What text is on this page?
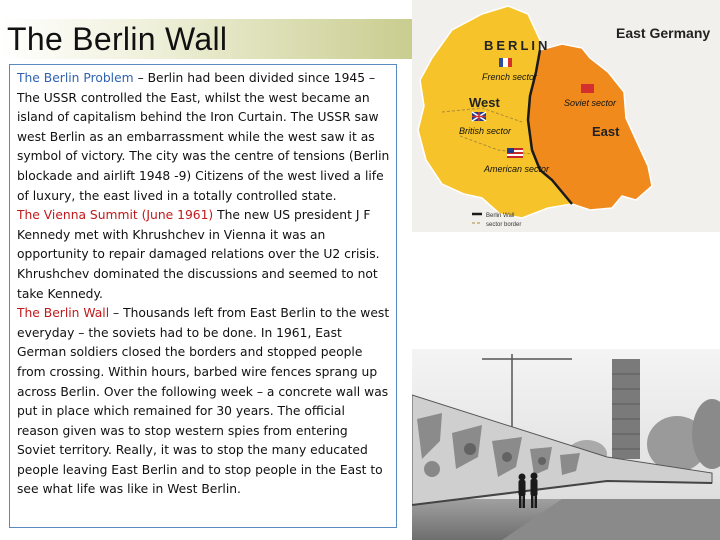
The Berlin Wall

The Berlin Problem – Berlin had been divided since 1945 – The USSR controlled the East, whilst the west became an island of capitalism behind the Iron Curtain. The USSR saw west Berlin as an embarrassment while the west saw it as symbol of victory. The city was the centre of tensions (Berlin blockade and airlift 1948 -9) Citizens of the west lived a life of luxury, the east lived in a totally controlled state.

The Vienna Summit (June 1961) The new US president J F Kennedy met with Khrushchev in Vienna it was an opportunity to repair damaged relations over the U2 crisis. Khrushchev dominated the discussions and seemed to not take Kennedy.

The Berlin Wall – Thousands left from East Berlin to the west everyday – the soviets had to be done. In 1961, East German soldiers closed the borders and stopped people from crossing. Within hours, barbed wire fences sprang up across Berlin. Over the following week – a concrete wall was put in place which remained for 30 years. The official reason given was to stop western spies from entering Soviet territory. Really, it was to stop the many educated people leaving East Berlin and to stop people in the East to see what life was like in West Berlin.

BERLIN
East Germany
French sector
West
British sector
American sector
Soviet sector
East
Berlin Wall
sector border
